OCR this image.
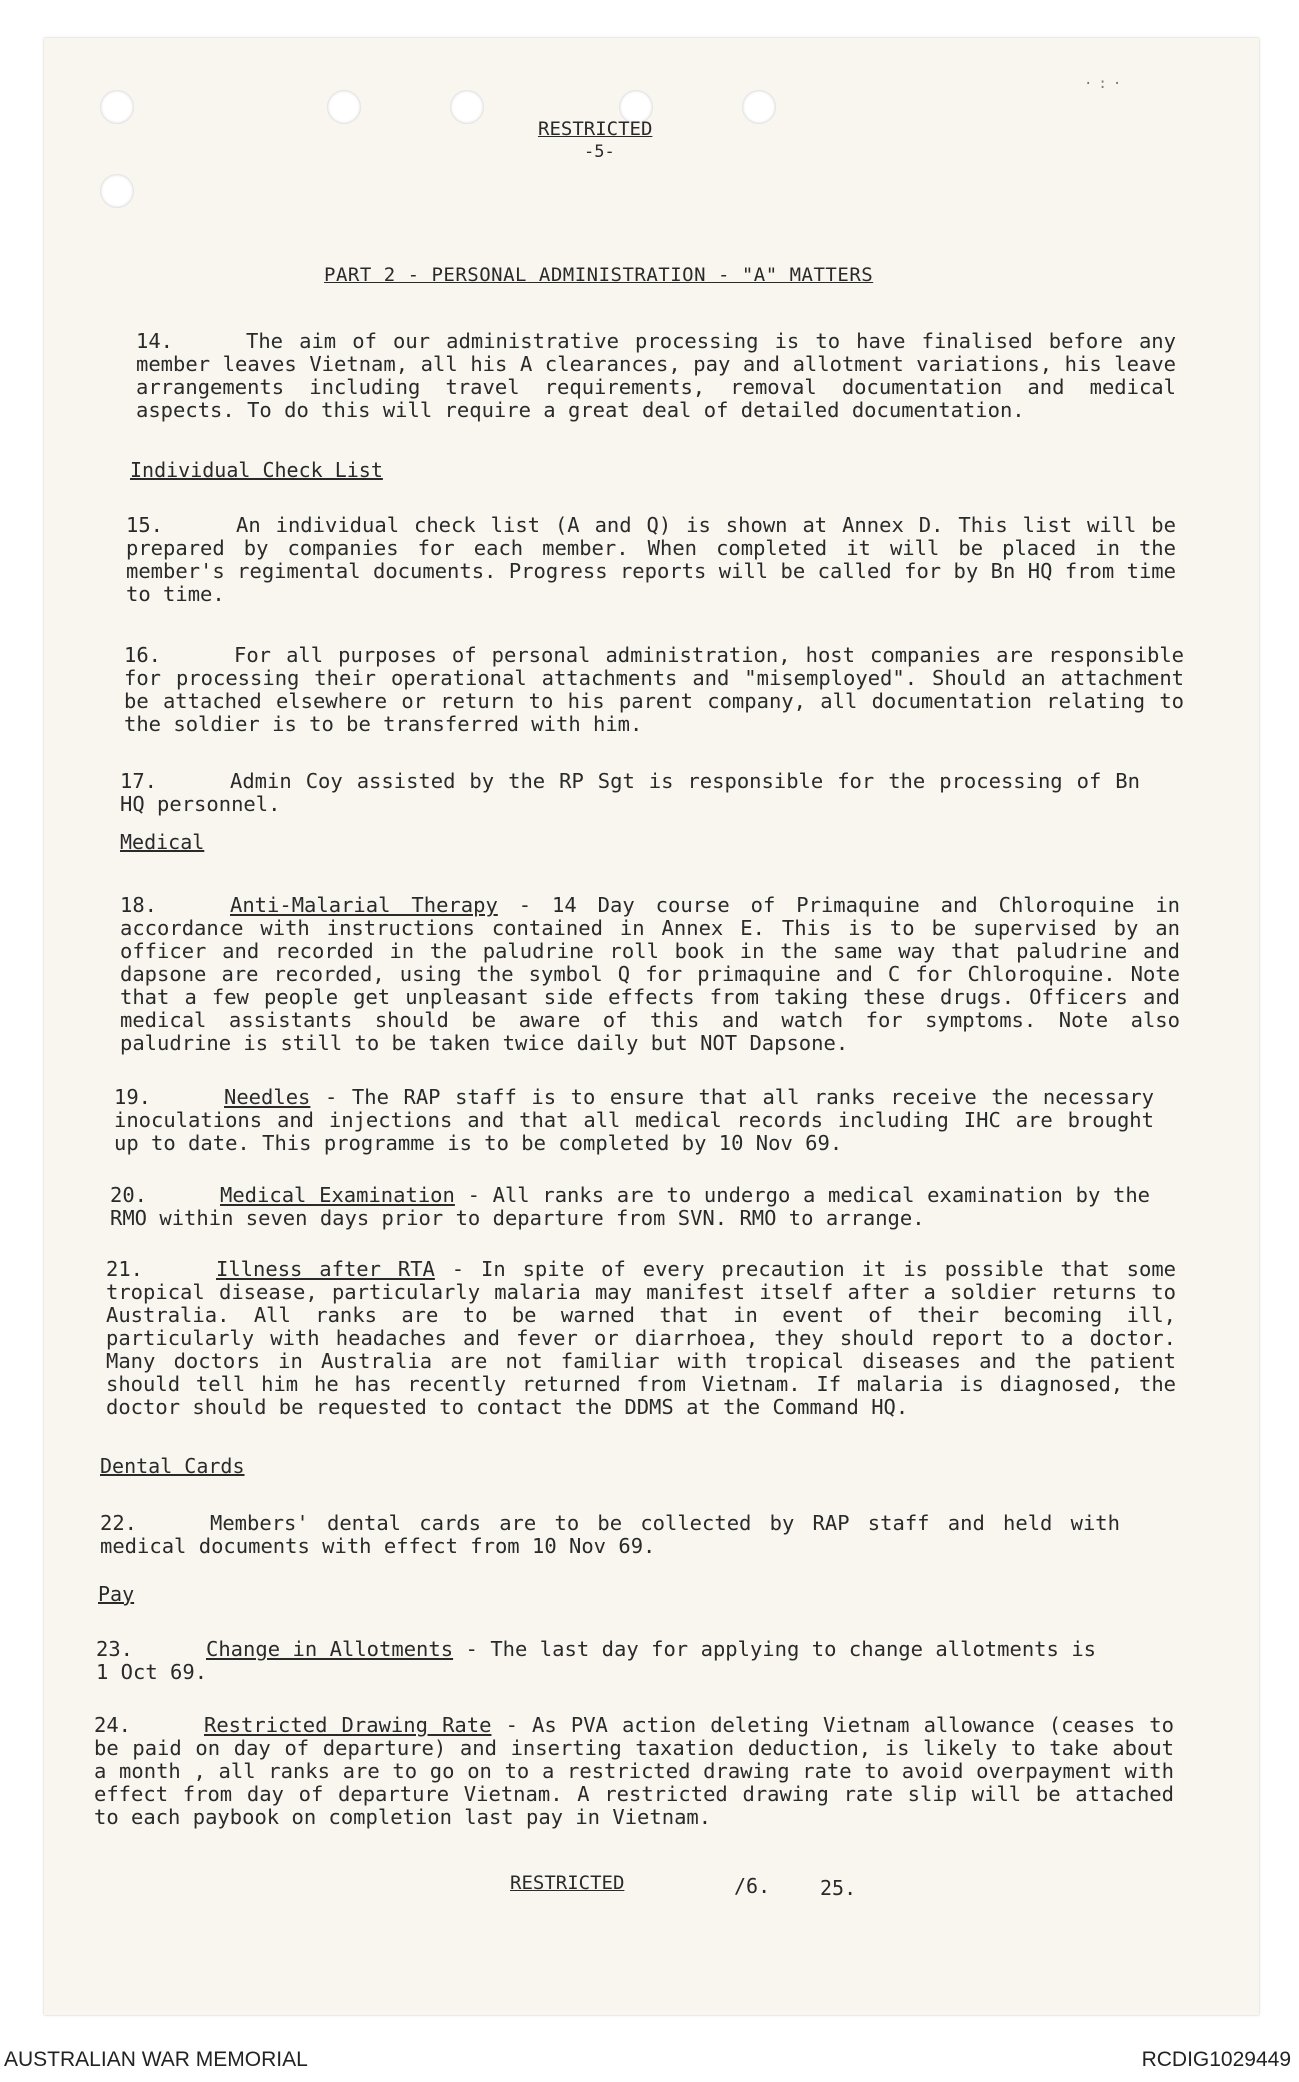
·:·
RESTRICTED
-5-
PART 2 - PERSONAL ADMINISTRATION - "A" MATTERS

14.	The aim of our administrative processing is to have finalised before any member leaves Vietnam, all his A clearances, pay and allotment variations, his leave arrangements including travel requirements, removal documentation and medical aspects. To do this will require a great deal of detailed documentation.

Individual Check List

15.	An individual check list (A and Q) is shown at Annex D. This list will be prepared by companies for each member. When completed it will be placed in the member's regimental documents. Progress reports will be called for by Bn HQ from time to time.

16.	For all purposes of personal administration, host companies are responsible for processing their operational attachments and "misemployed". Should an attachment be attached elsewhere or return to his parent company, all documentation relating to the soldier is to be transferred with him.

17.	Admin Coy assisted by the RP Sgt is responsible for the processing of Bn HQ personnel.

Medical

18.	Anti-Malarial Therapy - 14 Day course of Primaquine and Chloroquine in accordance with instructions contained in Annex E. This is to be supervised by an officer and recorded in the paludrine roll book in the same way that paludrine and dapsone are recorded, using the symbol Q for primaquine and C for Chloroquine. Note that a few people get unpleasant side effects from taking these drugs. Officers and medical assistants should be aware of this and watch for symptoms. Note also paludrine is still to be taken twice daily but NOT Dapsone.

19.	Needles - The RAP staff is to ensure that all ranks receive the necessary inoculations and injections and that all medical records including IHC are brought up to date. This programme is to be completed by 10 Nov 69.

20.	Medical Examination - All ranks are to undergo a medical examination by the RMO within seven days prior to departure from SVN. RMO to arrange.

21.	Illness after RTA - In spite of every precaution it is possible that some tropical disease, particularly malaria may manifest itself after a soldier returns to Australia. All ranks are to be warned that in event of their becoming ill, particularly with headaches and fever or diarrhoea, they should report to a doctor. Many doctors in Australia are not familiar with tropical diseases and the patient should tell him he has recently returned from Vietnam. If malaria is diagnosed, the doctor should be requested to contact the DDMS at the Command HQ.

Dental Cards

22.	Members' dental cards are to be collected by RAP staff and held with medical documents with effect from 10 Nov 69.

Pay

23.	Change in Allotments - The last day for applying to change allotments is 1 Oct 69.

24.	Restricted Drawing Rate - As PVA action deleting Vietnam allowance (ceases to be paid on day of departure) and inserting taxation deduction, is likely to take about a month , all ranks are to go on to a restricted drawing rate to avoid overpayment with effect from day of departure Vietnam. A restricted drawing rate slip will be attached to each paybook on completion last pay in Vietnam.

RESTRICTED	/6. 25.
AUSTRALIAN WAR MEMORIAL	RCDIG1029449
